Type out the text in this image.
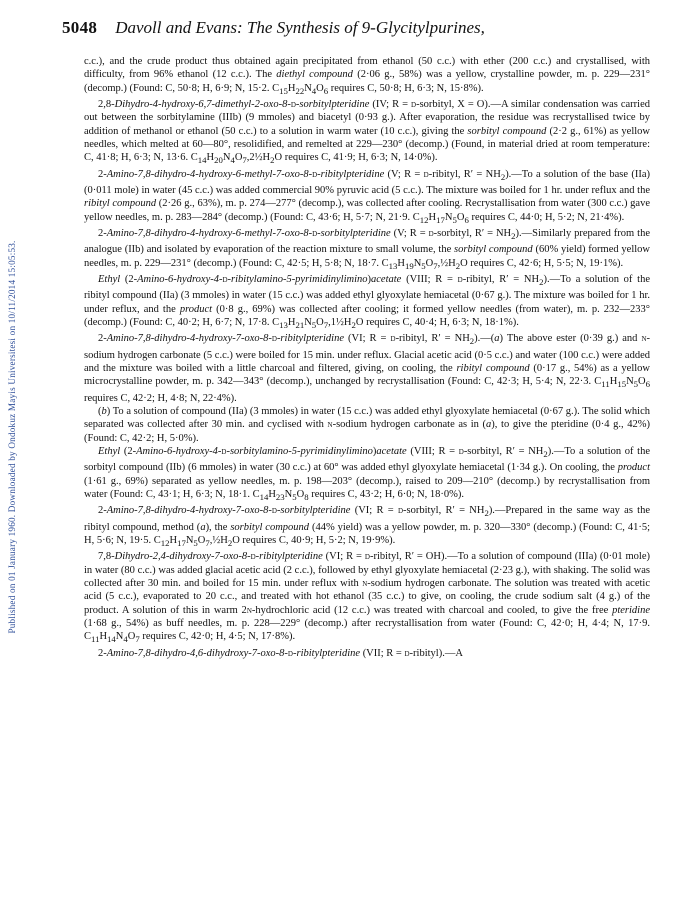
5048 Davoll and Evans: The Synthesis of 9-Glycitylpurines,
Published on 01 January 1960. Downloaded by Ondokuz Mayis Universitesi on 10/11/2014 15:05:53.

c.c.), and the crude product thus obtained again precipitated from ethanol (50 c.c.) with ether (200 c.c.) and crystallised, with difficulty, from 96% ethanol (12 c.c.). The diethyl compound (2·06 g., 58%) was a yellow, crystalline powder, m. p. 229—231° (decomp.) (Found: C, 50·8; H, 6·9; N, 15·2. $C_{15}H_{22}N_4O_6$ requires C, 50·8; H, 6·3; N, 15·8%).

2,8-Dihydro-4-hydroxy-6,7-dimethyl-2-oxo-8-d-sorbitylpteridine (IV; R = d-sorbityl, X = O).—A similar condensation was carried out between the sorbitylamine (IIIb) (9 mmoles) and biacetyl (0·93 g.). After evaporation, the residue was recrystallised twice by addition of methanol or ethanol (50 c.c.) to a solution in warm water (10 c.c.), giving the sorbityl compound (2·2 g., 61%) as yellow needles, which melted at 60—80°, resolidified, and remelted at 229—230° (decomp.) (Found, in material dried at room temperature: C, 41·8; H, 6·3; N, 13·6. $C_{14}H_{20}N_4O_7,2\frac{1}{2}H_2O$ requires C, 41·9; H, 6·3; N, 14·0%).

2-Amino-7,8-dihydro-4-hydroxy-6-methyl-7-oxo-8-d-ribitylpteridine (V; R = d-ribityl, $R' = NH_2).—To$ a solution of the base (IIa) (0·011 mole) in water (45 c.c.) was added commercial 90% pyruvic acid (5 c.c.). The mixture was boiled for 1 hr. under reflux and the ribityl compound (2·26 g., 63%), m. p. 274—277° (decomp.), was collected after cooling. Recrystallisation from water (300 c.c.) gave yellow needles, m. p. 283—284° (decomp.) (Found: C, 43·6; H, 5·7; N, 21·9. $C_{12}H_{17}N_5O_6$ requires C, 44·0; H, 5·2; N, 21·4%).

2-Amino-7,8-dihydro-4-hydroxy-6-methyl-7-oxo-8-d-sorbitylpteridine (V; R = d-sorbityl, $R' = NH_2).—Similarly$ prepared from the analogue (IIb) and isolated by evaporation of the reaction mixture to small volume, the sorbityl compound (60% yield) formed yellow needles, m. p. 229—231° (decomp.) (Found: C, 42·5; H, 5·8; N, 18·7. $C_{13}H_{19}N_5O_7,\frac{1}{2}H_2O$ requires C, 42·6; H, 5·5; N, 19·1%).

Ethyl (2-Amino-6-hydroxy-4-d-ribitylamino-5-pyrimidinylimino)acetate (VIII; R = d-ribityl, $R' = NH_2).—To$ a solution of the ribityl compound (IIa) (3 mmoles) in water (15 c.c.) was added ethyl glyoxylate hemiacetal (0·67 g.). The mixture was boiled for 1 hr. under reflux, and the product (0·8 g., 69%) was collected after cooling; it formed yellow needles (from water), m. p. 232—233° (decomp.) (Found: C, 40·2; H, 6·7; N, 17·8. $C_{13}H_{21}N_5O_7,1\frac{1}{2}H_2O$ requires C, 40·4; H, 6·3; N, 18·1%).

2-Amino-7,8-dihydro-4-hydroxy-7-oxo-8-d-ribitylpteridine (VI; R = d-ribityl, $R' = NH_2).—(a)$ The above ester (0·39 g.) and n-sodium hydrogen carbonate (5 c.c.) were boiled for 15 min. under reflux. Glacial acetic acid (0·5 c.c.) and water (100 c.c.) were added and the mixture was boiled with a little charcoal and filtered, giving, on cooling, the ribityl compound (0·17 g., 54%) as a yellow microcrystalline powder, m. p. 342—343° (decomp.), unchanged by recrystallisation (Found: C, 42·3; H, 5·4; N, 22·3. $C_{11}H_{15}N_5O_6$ requires C, 42·2; H, 4·8; N, 22·4%).

(b) To a solution of compound (IIa) (3 mmoles) in water (15 c.c.) was added ethyl glyoxylate hemiacetal (0·67 g.). The solid which separated was collected after 30 min. and cyclised with n-sodium hydrogen carbonate as in (a), to give the pteridine (0·4 g., 42%) (Found: C, 42·2; H, 5·0%).

Ethyl (2-Amino-6-hydroxy-4-d-sorbitylamino-5-pyrimidinylimino)acetate (VIII; R = d-sorbityl, $R' = NH_2).—To$ a solution of the sorbityl compound (IIb) (6 mmoles) in water (30 c.c.) at 60° was added ethyl glyoxylate hemiacetal (1·34 g.). On cooling, the product (1·61 g., 69%) separated as yellow needles, m. p. 198—203° (decomp.), raised to 209—210° (decomp.) by recrystallisation from water (Found: C, 43·1; H, 6·3; N, 18·1. $C_{14}H_{23}N_5O_8$ requires C, 43·2; H, 6·0; N, 18·0%).

2-Amino-7,8-dihydro-4-hydroxy-7-oxo-8-d-sorbitylpteridine (VI; R = d-sorbityl, $R' = NH_2).—Prepared$ in the same way as the ribityl compound, method (a), the sorbityl compound (44% yield) was a yellow powder, m. p. 320—330° (decomp.) (Found: C, 41·5; H, 5·6; N, 19·5. $C_{12}H_{17}N_5O_7,\frac{1}{2}H_2O$ requires C, 40·9; H, 5·2; N, 19·9%).

7,8-Dihydro-2,4-dihydroxy-7-oxo-8-d-ribitylpteridine (VI; R = d-ribityl, R′ = OH).—To a solution of compound (IIIa) (0·01 mole) in water (80 c.c.) was added glacial acetic acid (2 c.c.), followed by ethyl glyoxylate hemiacetal (2·23 g.), with shaking. The solid was collected after 30 min. and boiled for 15 min. under reflux with n-sodium hydrogen carbonate. The solution was treated with acetic acid (5 c.c.), evaporated to 20 c.c., and treated with hot ethanol (35 c.c.) to give, on cooling, the crude sodium salt (4 g.) of the product. A solution of this in warm 2n-hydrochloric acid (12 c.c.) was treated with charcoal and cooled, to give the free pteridine (1·68 g., 54%) as buff needles, m. p. 228—229° (decomp.) after recrystallisation from water (Found: C, 42·0; H, 4·4; N, 17·9. $C_{11}H_{14}N_4O_7$ requires C, 42·0; H, 4·5; N, 17·8%).

2-Amino-7,8-dihydro-4,6-dihydroxy-7-oxo-8-d-ribitylpteridine (VII; R = d-ribityl).—A
